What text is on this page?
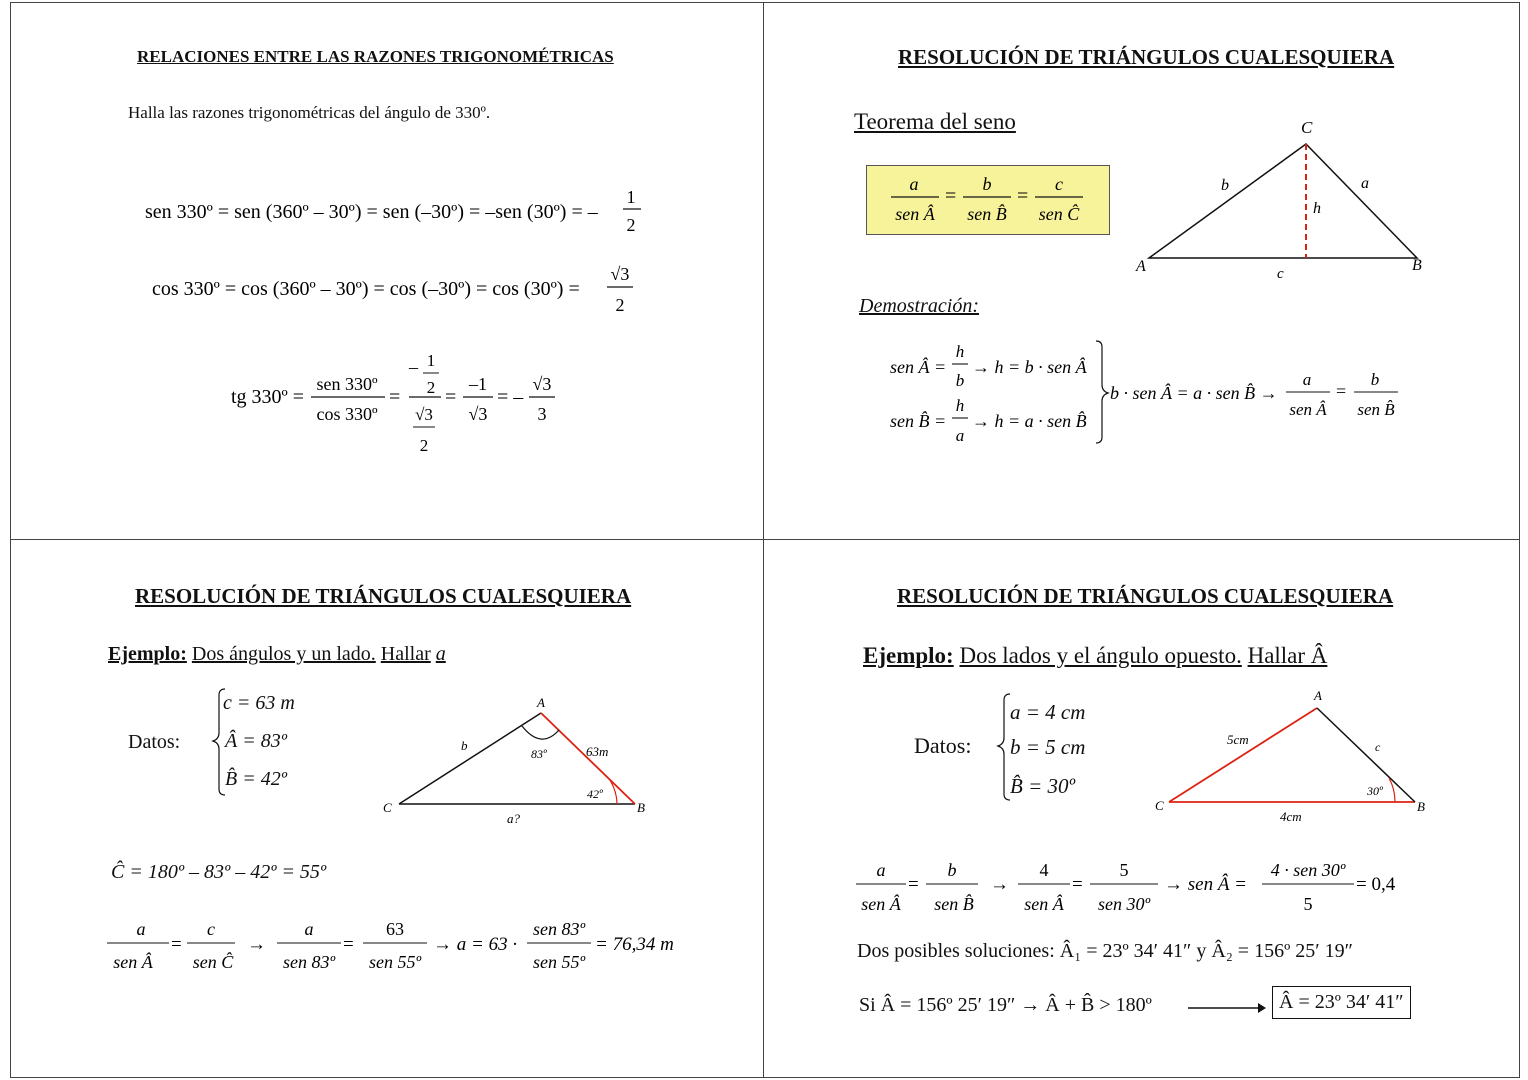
RELACIONES ENTRE LAS RAZONES TRIGONOMÉTRICAS
Halla las razones trigonométricas del ángulo de 330º.
sen 330º = sen (360º – 30º) = sen (–30º) = –sen (30º) = –
1
2
cos 330º = cos (360º – 30º) = cos (–30º) = cos (30º) =
√3
2
tg 330º =
sen 330º
cos 330º
=
– 1
2
√3
2
=
–1
√3
= –
√3
3
RESOLUCIÓN DE TRIÁNGULOS CUALESQUIERA
Teorema del seno
a
sen Â
=
b
sen B̂
=
c
sen Ĉ
C
A	B
b	a
c
h
Demostración:
sen Â =
h
b
→ h = b · sen Â
sen B̂ =
h
a
→ h = a · sen B̂
b · sen Â = a · sen B̂ →
a
sen Â
=
b
sen B̂
RESOLUCIÓN DE TRIÁNGULOS CUALESQUIERA
Ejemplo: Dos ángulos y un lado. Hallar a
Datos:
c = 63 m
Â = 83º
B̂ = 42º
A
C	B
b	63m
a?
83º
42º
Ĉ = 180º – 83º – 42º = 55º
a
sen Â
=
c
sen Ĉ
→
a
sen 83º
=
63
sen 55º
→ a = 63 ·
sen 83º
sen 55º
= 76,34 m
RESOLUCIÓN DE TRIÁNGULOS CUALESQUIERA
Ejemplo: Dos lados y el ángulo opuesto. Hallar Â
Datos:
a = 4 cm
b = 5 cm
B̂ = 30º
A
C	B
5cm	c
4cm
30º
a
sen Â
=
b
sen B̂
→
4
sen Â
=
5
sen 30º
→ sen Â =
4 · sen 30º
5
= 0,4
Dos posibles soluciones: Â₁ = 23º 34′ 41″ y Â₂ = 156º 25′ 19″
Si Â = 156º 25′ 19″ → Â + B̂ > 180º	Â = 23º 34′ 41″
